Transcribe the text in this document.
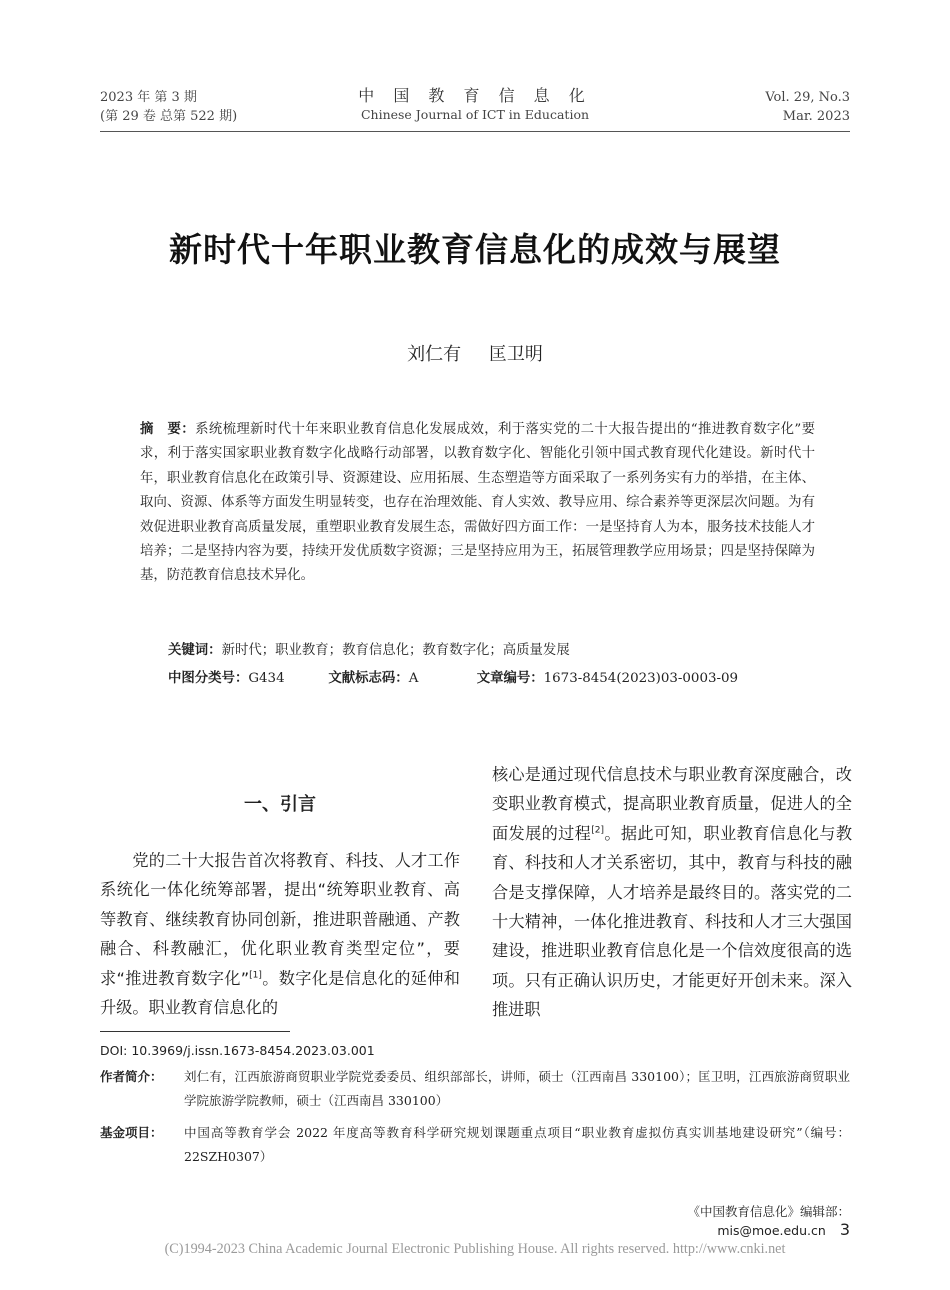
2023 年 第 3 期
(第 29 卷 总第 522 期)
中 国 教 育 信 息 化
Chinese Journal of ICT in Education
Vol. 29, No.3
Mar. 2023
新时代十年职业教育信息化的成效与展望
刘仁有 匡卫明
摘　要：系统梳理新时代十年来职业教育信息化发展成效，利于落实党的二十大报告提出的“推进教育数字化”要求，利于落实国家职业教育数字化战略行动部署，以教育数字化、智能化引领中国式教育现代化建设。新时代十年，职业教育信息化在政策引导、资源建设、应用拓展、生态塑造等方面采取了一系列务实有力的举措，在主体、取向、资源、体系等方面发生明显转变，也存在治理效能、育人实效、教导应用、综合素养等更深层次问题。为有效促进职业教育高质量发展，重塑职业教育发展生态，需做好四方面工作：一是坚持育人为本，服务技术技能人才培养；二是坚持内容为要，持续开发优质数字资源；三是坚持应用为王，拓展管理教学应用场景；四是坚持保障为基，防范教育信息技术异化。
关键词：新时代；职业教育；教育信息化；教育数字化；高质量发展
中图分类号：G434	文献标志码：A	文章编号：1673-8454(2023)03-0003-09
一、引言
党的二十大报告首次将教育、科技、人才工作系统化一体化统筹部署，提出“统筹职业教育、高等教育、继续教育协同创新，推进职普融通、产教融合、科教融汇，优化职业教育类型定位”，要求“推进教育数字化”[1]。数字化是信息化的延伸和升级。职业教育信息化的
核心是通过现代信息技术与职业教育深度融合，改变职业教育模式，提高职业教育质量，促进人的全面发展的过程[2]。据此可知，职业教育信息化与教育、科技和人才关系密切，其中，教育与科技的融合是支撑保障，人才培养是最终目的。落实党的二十大精神，一体化推进教育、科技和人才三大强国建设，推进职业教育信息化是一个信效度很高的选项。只有正确认识历史，才能更好开创未来。深入推进职
DOI: 10.3969/j.issn.1673-8454.2023.03.001
作者简介：	刘仁有，江西旅游商贸职业学院党委委员、组织部部长，讲师，硕士（江西南昌 330100）；匡卫明，江西旅游商贸职业学院旅游学院教师，硕士（江西南昌 330100）
基金项目：	中国高等教育学会 2022 年度高等教育科学研究规划课题重点项目“职业教育虚拟仿真实训基地建设研究”（编号：22SZH0307）
《中国教育信息化》编辑部：mis@moe.edu.cn 3
(C)1994-2023 China Academic Journal Electronic Publishing House. All rights reserved. http://www.cnki.net
